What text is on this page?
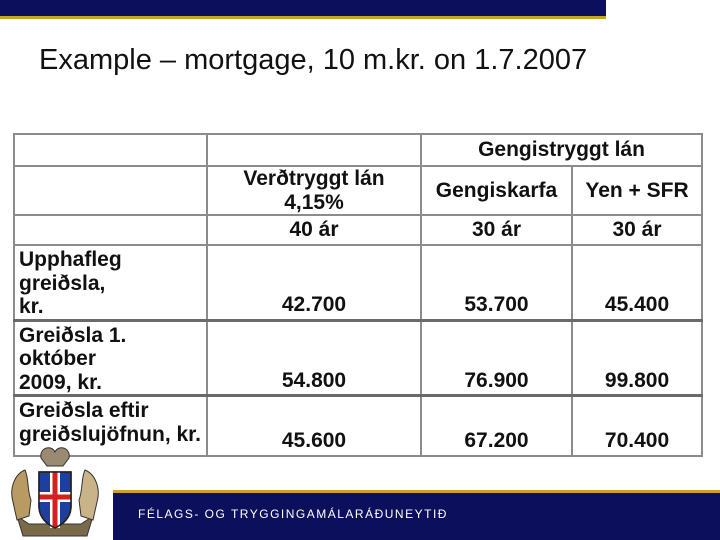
Example – mortgage, 10 m.kr. on 1.7.2007
		Gengistryggt lán	
	Verðtryggt lán 4,15%	Gengiskarfa	Yen + SFR
	40 ár	30 ár	30 ár
Upphafleg greiðsla,
kr.	42.700	53.700	45.400
Greiðsla 1. október
2009, kr.	54.800	76.900	99.800
Greiðsla eftir
greiðslujöfnun, kr.	45.600	67.200	70.400
FÉLAGS- OG TRYGGINGAMÁLARÁÐUNEYTIÐ
